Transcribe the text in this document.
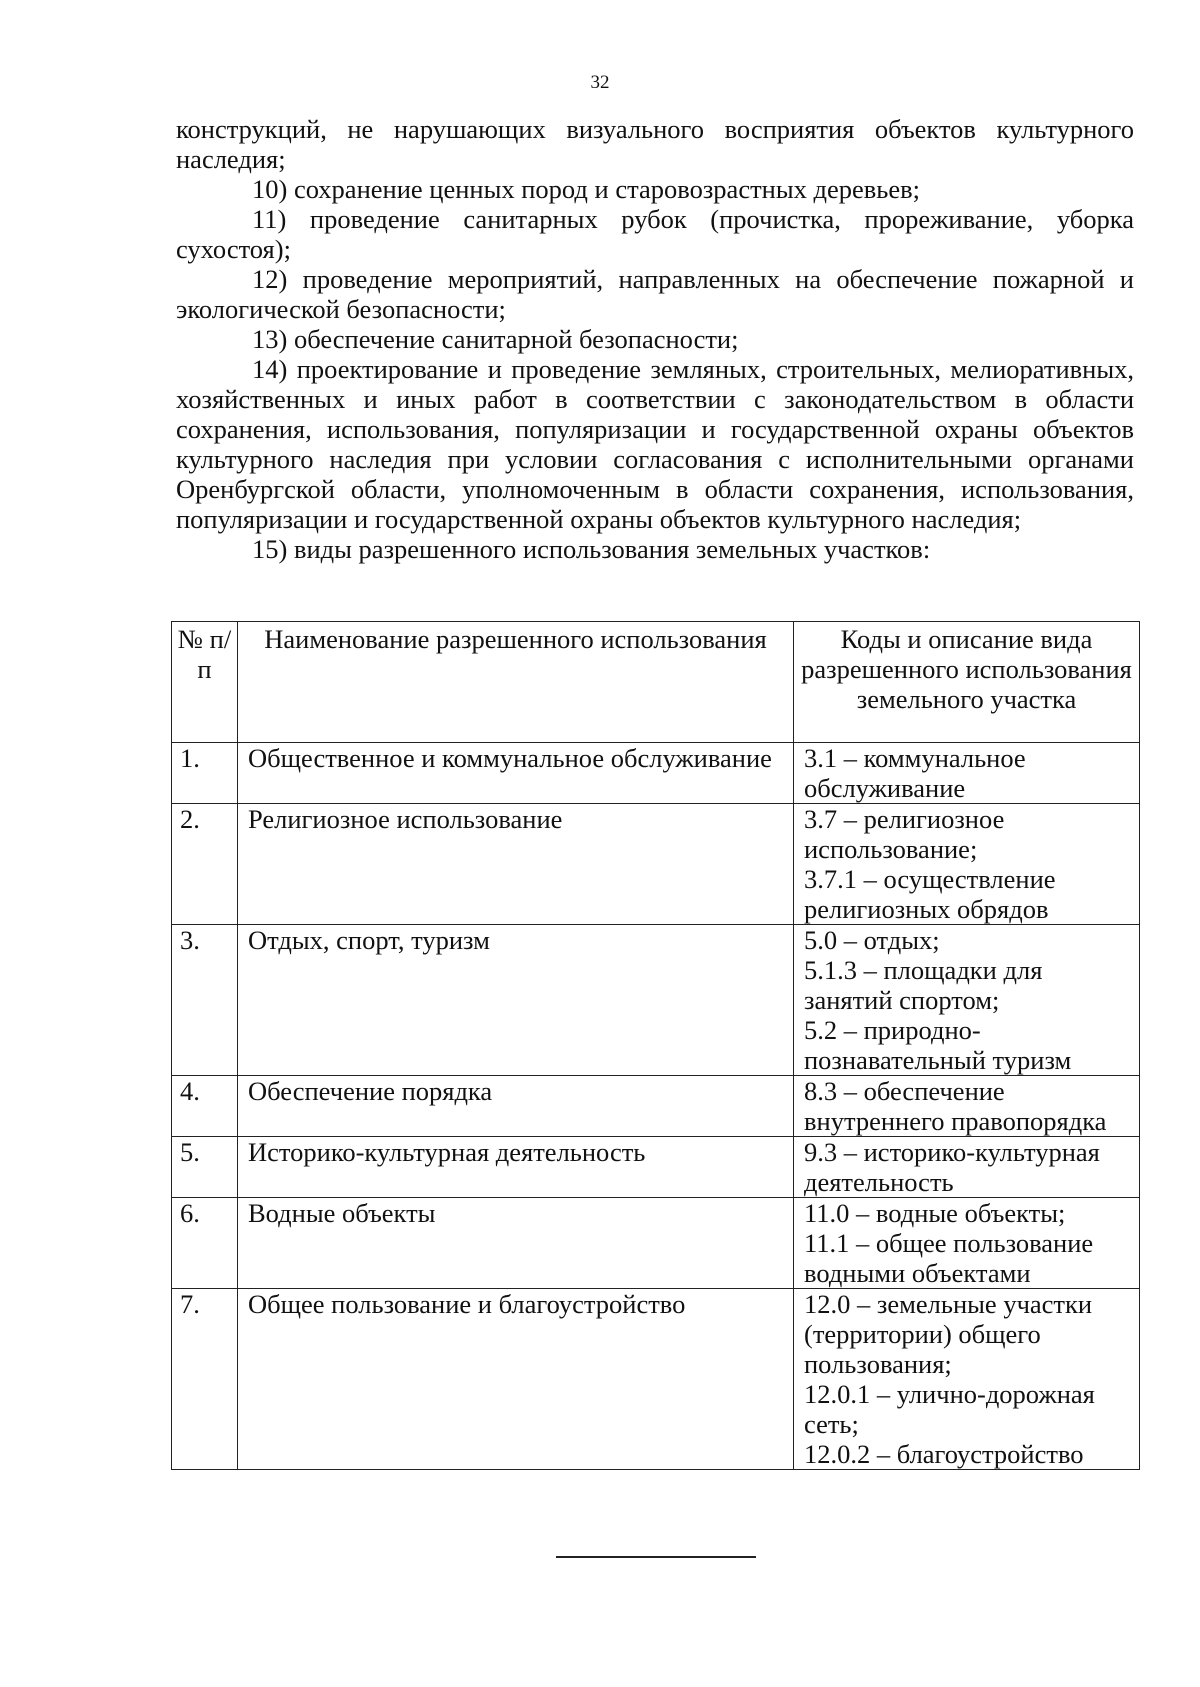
32

конструкций, не нарушающих визуального восприятия объектов культурного наследия;

10) сохранение ценных пород и старовозрастных деревьев;

11) проведение санитарных рубок (прочистка, прореживание, уборка сухостоя);

12) проведение мероприятий, направленных на обеспечение пожарной и экологической безопасности;

13) обеспечение санитарной безопасности;

14) проектирование и проведение земляных, строительных, мелиоративных, хозяйственных и иных работ в соответствии с законодательством в области сохранения, использования, популяризации и государственной охраны объектов культурного наследия при условии согласования с исполнительными органами Оренбургской области, уполномоченным в области сохранения, использования, популяризации и государственной охраны объектов культурного наследия;

15) виды разрешенного использования земельных участков:

№ п/п	Наименование разрешенного использования	Коды и описание вида разрешенного использования земельного участка
1.	Общественное и коммунальное обслуживание	3.1 – коммунальное обслуживание

2.	Религиозное использование	3.7 – религиозное использование;
3.7.1 – осуществление религиозных обрядов

3.	Отдых, спорт, туризм	5.0 – отдых;
5.1.3 – площадки для занятий спортом;
5.2 – природно-познавательный туризм

4.	Обеспечение порядка	8.3 – обеспечение внутреннего правопорядка

5.	Историко-культурная деятельность	9.3 – историко-культурная деятельность

6.	Водные объекты	11.0 – водные объекты;
11.1 – общее пользование водными объектами

7.	Общее пользование и благоустройство	12.0 – земельные участки (территории) общего пользования;
12.0.1 – улично-дорожная сеть;
12.0.2 – благоустройство
